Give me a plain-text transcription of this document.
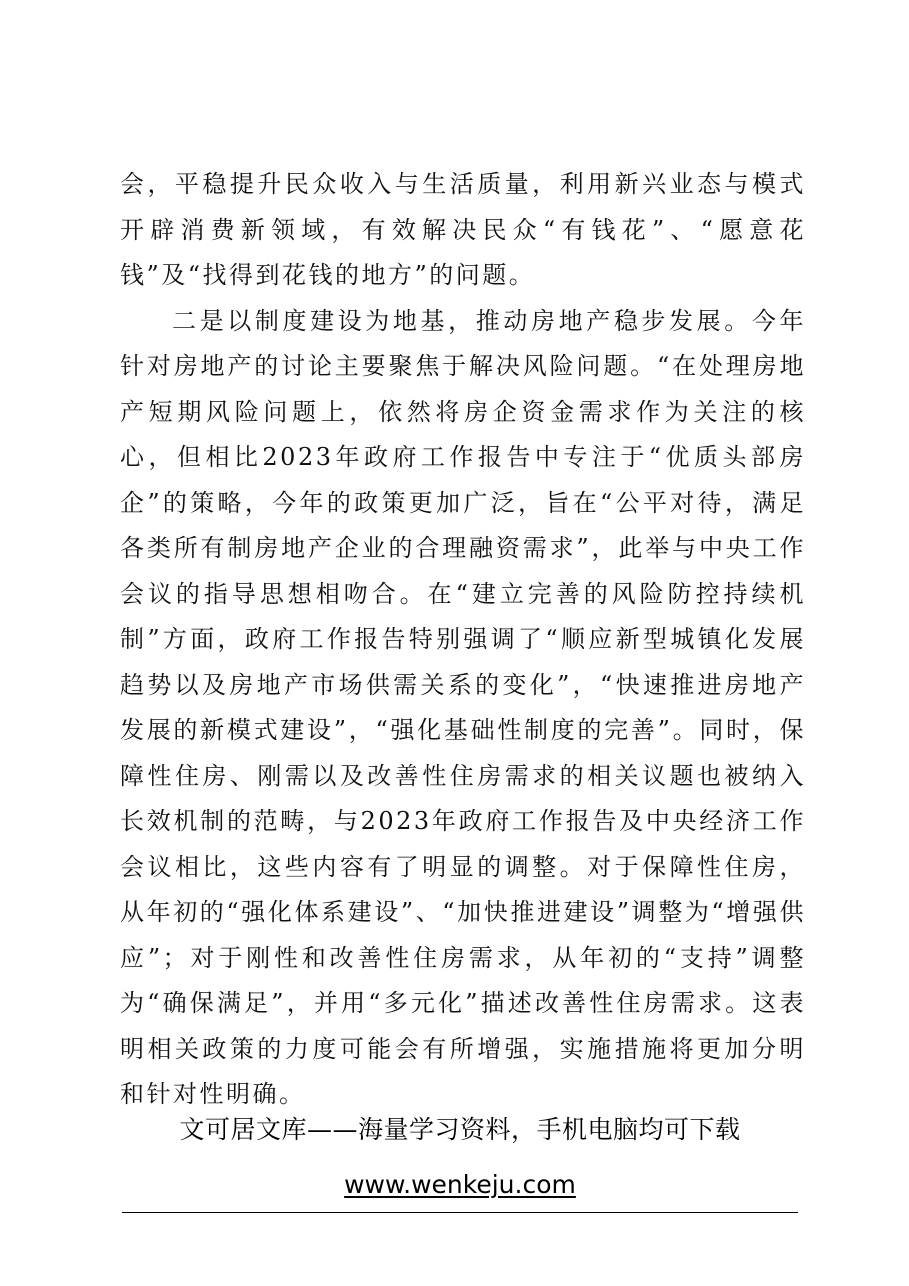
会，平稳提升民众收入与生活质量，利用新兴业态与模式开辟消费新领域，有效解决民众“有钱花”、“愿意花钱”及“找得到花钱的地方”的问题。

二是以制度建设为地基，推动房地产稳步发展。今年针对房地产的讨论主要聚焦于解决风险问题。“在处理房地产短期风险问题上，依然将房企资金需求作为关注的核心，但相比2023年政府工作报告中专注于“优质头部房企”的策略，今年的政策更加广泛，旨在“公平对待，满足各类所有制房地产企业的合理融资需求”，此举与中央工作会议的指导思想相吻合。在“建立完善的风险防控持续机制”方面，政府工作报告特别强调了“顺应新型城镇化发展趋势以及房地产市场供需关系的变化”，“快速推进房地产发展的新模式建设”，“强化基础性制度的完善”。同时，保障性住房、刚需以及改善性住房需求的相关议题也被纳入长效机制的范畴，与2023年政府工作报告及中央经济工作会议相比，这些内容有了明显的调整。对于保障性住房，从年初的“强化体系建设”、“加快推进建设”调整为“增强供应”；对于刚性和改善性住房需求，从年初的“支持”调整为“确保满足”，并用“多元化”描述改善性住房需求。这表明相关政策的力度可能会有所增强，实施措施将更加分明和针对性明确。

文可居文库——海量学习资料，手机电脑均可下载
www.wenkeju.com
